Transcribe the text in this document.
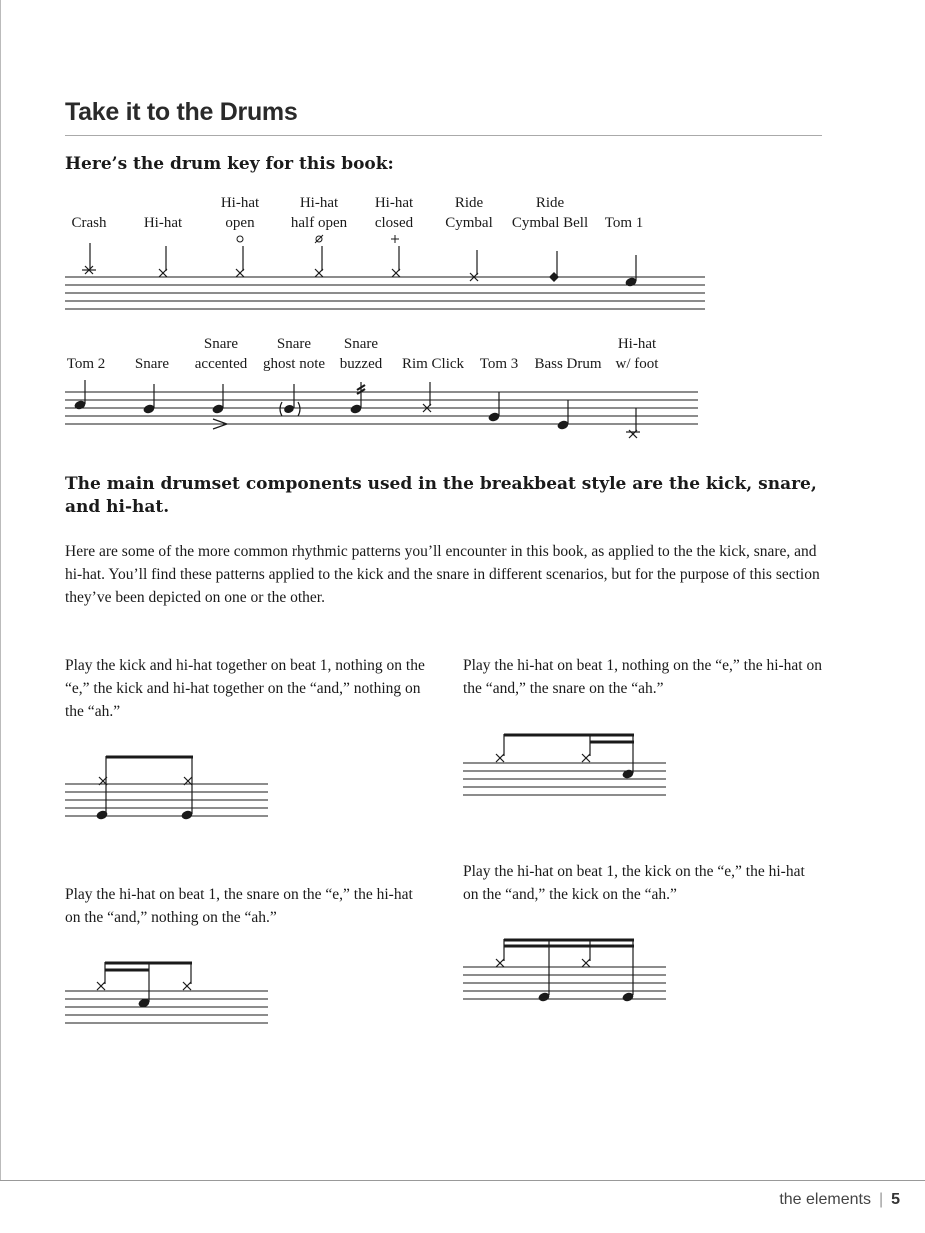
Take it to the Drums
Here’s the drum key for this book:
Crash Hi-hat
Hi-hat
open
Hi-hat
half open
Hi-hat
closed
Ride
Cymbal
Ride
Cymbal Bell Tom 1
Tom 2 Snare
Snare
accented
Snare
ghost note
Snare
buzzed Rim Click Tom 3 Bass Drum
Hi-hat
w/ foot
The main drumset components used in the breakbeat style are the kick, snare, and hi-hat.
Here are some of the more common rhythmic patterns you’ll encounter in this book, as applied to the the kick, snare, and hi-hat. You’ll find these patterns applied to the kick and the snare in different scenarios, but for the purpose of this section they’ve been depicted on one or the other.
Play the kick and hi-hat together on beat 1, nothing on the “e,” the kick and hi-hat together on the “and,” nothing on the “ah.”
Play the hi-hat on beat 1, nothing on the “e,” the hi-hat on the “and,” the snare on the “ah.”
Play the hi-hat on beat 1, the snare on the “e,” the hi-hat on the “and,” nothing on the “ah.”
Play the hi-hat on beat 1, the kick on the “e,” the hi-hat on the “and,” the kick on the “ah.”
the elements | 5
